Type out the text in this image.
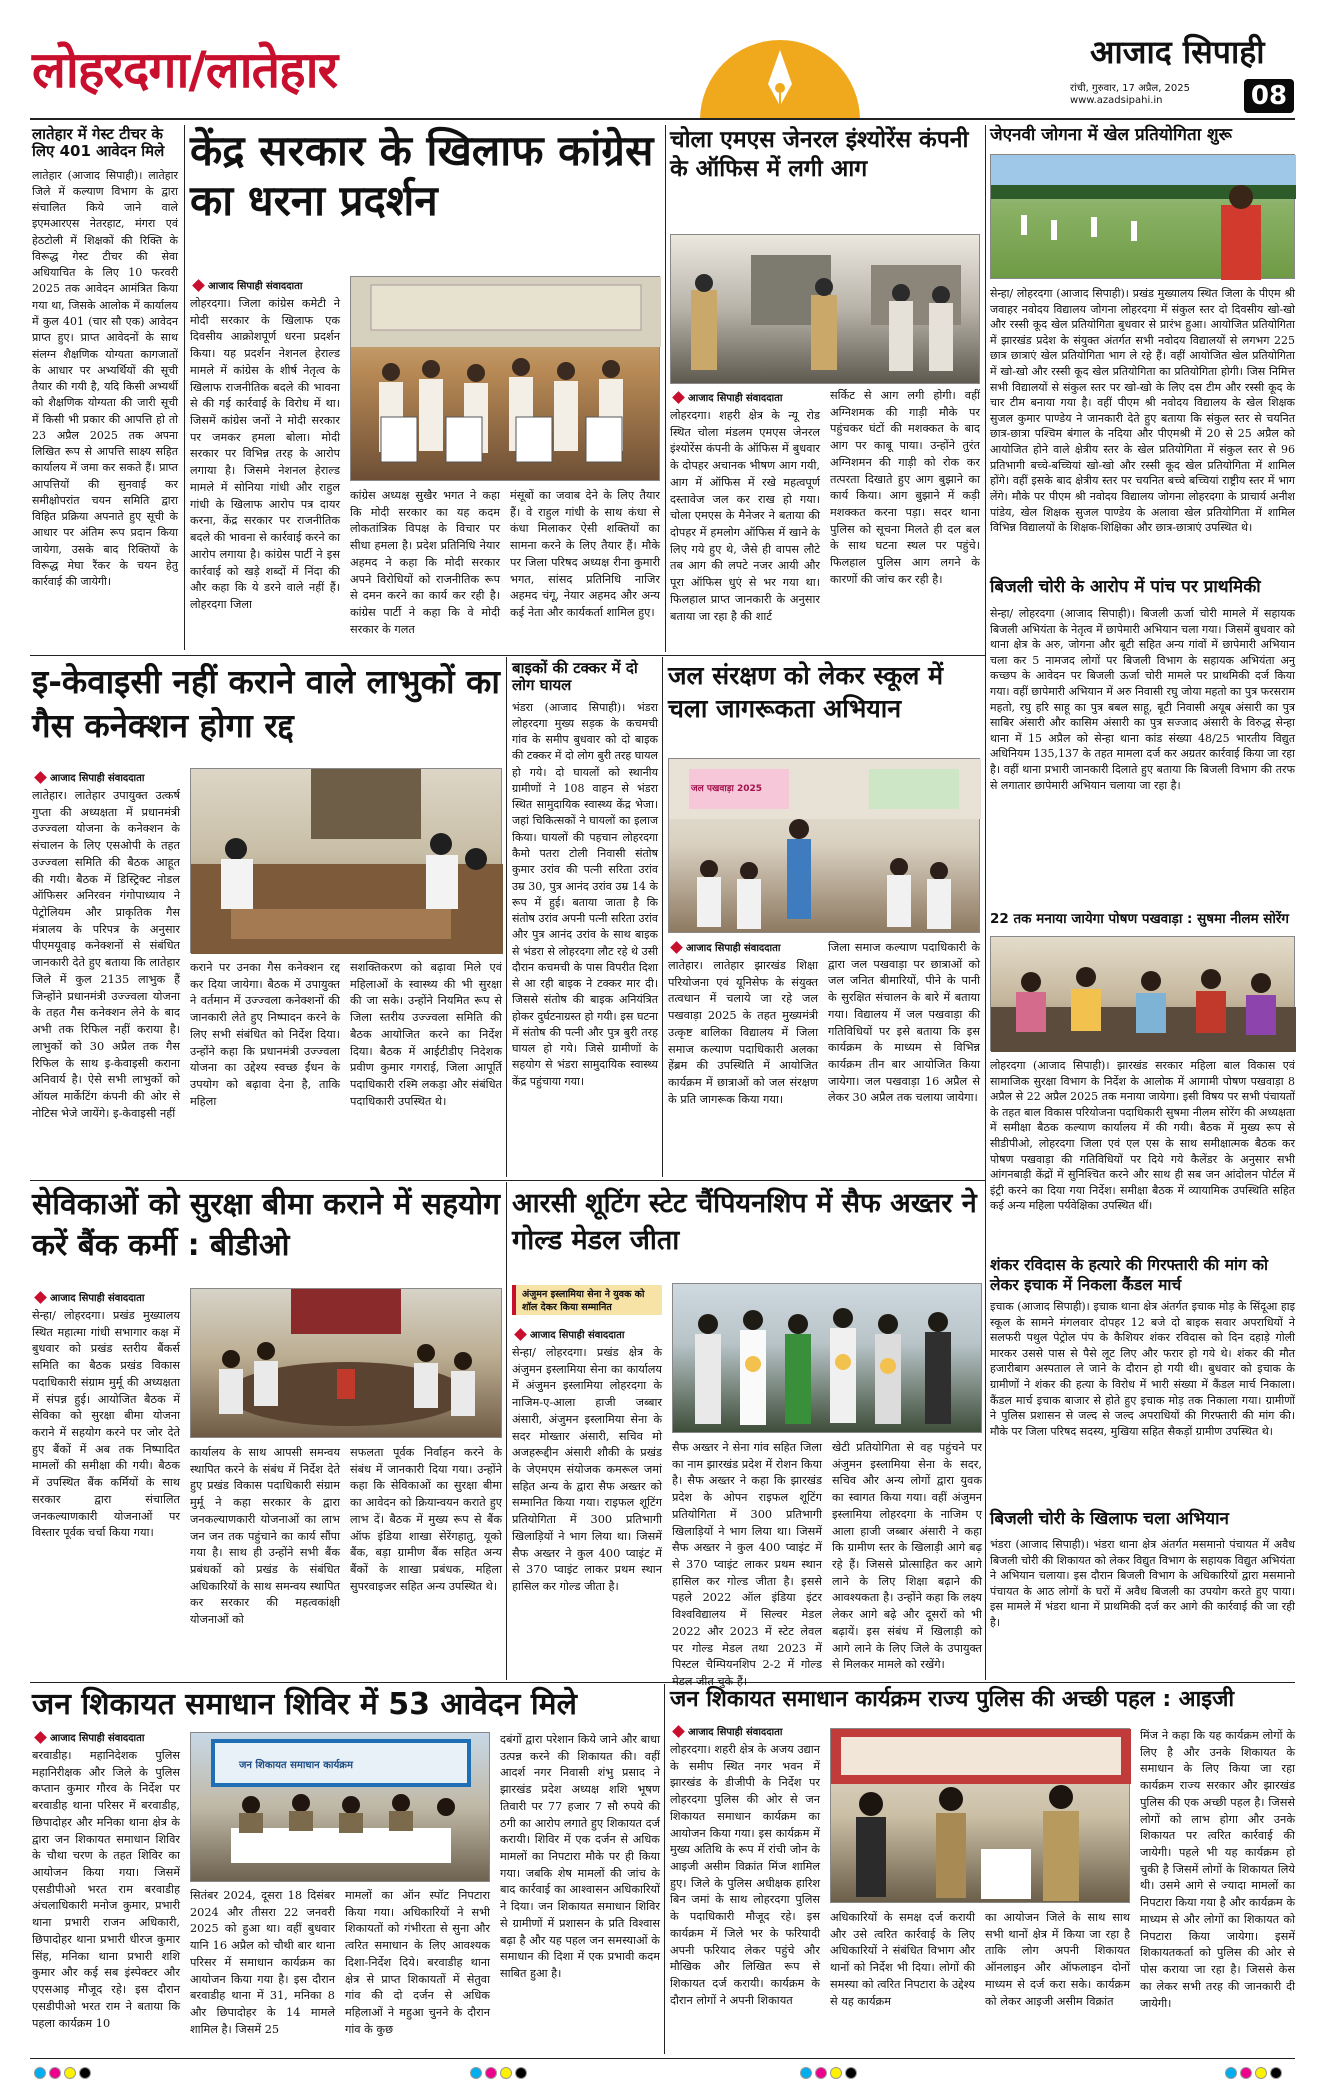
लोहरदगा/लातेहार	आजाद सिपाही
रांची, गुरुवार, 17 अप्रैल, 2025
www.azadsipahi.in	08
लातेहार में गेस्ट टीचर के लिए 401 आवेदन मिले
लातेहार (आजाद सिपाही)। लातेहार जिले में कल्याण विभाग के द्वारा संचालित किये जाने वाले इएमआरएस नेतरहाट, मंगरा एवं हेठटोली में शिक्षकों की रिक्ति के विरूद्ध गेस्ट टीचर की सेवा अधियाचित के लिए 10 फरवरी 2025 तक आवेदन आमंत्रित किया गया था, जिसके आलोक में कार्यालय में कुल 401 (चार सौ एक) आवेदन प्राप्त हुए। प्राप्त आवेदनों के साथ संलग्न शैक्षणिक योग्यता कागजातों के आधार पर अभ्यर्थियों की सूची तैयार की गयी है, यदि किसी अभ्यर्थी को शैक्षणिक योग्यता की जारी सूची में किसी भी प्रकार की आपत्ति हो तो 23 अप्रैल 2025 तक अपना लिखित रूप से आपत्ति साक्ष्य सहित कार्यालय में जमा कर सकते हैं। प्राप्त आपत्तियों की सुनवाई कर समीक्षोपरांत चयन समिति द्वारा विहित प्रक्रिया अपनाते हुए सूची के आधार पर अंतिम रूप प्रदान किया जायेगा, उसके बाद रिक्तियों के विरूद्ध मेघा रैंकर के चयन हेतु कार्रवाई की जायेगी।
केंद्र सरकार के खिलाफ कांग्रेस का धरना प्रदर्शन
आजाद सिपाही संवाददाता
लोहरदगा। जिला कांग्रेस कमेटी ने मोदी सरकार के खिलाफ एक दिवसीय आक्रोशपूर्ण धरना प्रदर्शन किया। यह प्रदर्शन नेशनल हेराल्ड मामले में कांग्रेस के शीर्ष नेतृत्व के खिलाफ राजनीतिक बदले की भावना से की गई कार्रवाई के विरोध में था। जिसमें कांग्रेस जनों ने मोदी सरकार पर जमकर हमला बोला। मोदी सरकार पर विभिन्न तरह के आरोप लगाया है। जिसमे नेशनल हेराल्ड मामले में सोनिया गांधी और राहुल गांधी के खिलाफ आरोप पत्र दायर करना, केंद्र सरकार पर राजनीतिक बदले की भावना से कार्रवाई करने का आरोप लगाया है। कांग्रेस पार्टी ने इस कार्रवाई को खड़े शब्दों में निंदा की और कहा कि ये डरने वाले नहीं हैं। लोहरदगा जिला
कांग्रेस अध्यक्ष सुखैर भगत ने कहा कि मोदी सरकार का यह कदम लोकतांत्रिक विपक्ष के विचार पर सीधा हमला है। प्रदेश प्रतिनिधि नेयार अहमद ने कहा कि मोदी सरकार अपने विरोधियों को राजनीतिक रूप से दमन करने का कार्य कर रही है। कांग्रेस पार्टी ने कहा कि वे मोदी सरकार के गलत
मंसूबों का जवाब देने के लिए तैयार हैं। वे राहुल गांधी के साथ कंधा से कंधा मिलाकर ऐसी शक्तियों का सामना करने के लिए तैयार हैं। मौके पर जिला परिषद अध्यक्ष रीना कुमारी भगत, सांसद प्रतिनिधि नाजिर अहमद चंगू, नेयार अहमद और अन्य कई नेता और कार्यकर्ता शामिल हुए।
चोला एमएस जेनरल इंश्योरेंस कंपनी के ऑफिस में लगी आग
आजाद सिपाही संवाददाता
लोहरदगा। शहरी क्षेत्र के न्यू रोड स्थित चोला मंडलम एमएस जेनरल इंश्योरेंस कंपनी के ऑफिस में बुधवार के दोपहर अचानक भीषण आग गयी, आग में ऑफिस में रखे महत्वपूर्ण दस्तावेज जल कर राख हो गया। चोला एमएस के मैनेजर ने बताया की दोपहर में हमलोग ऑफिस में खाने के लिए गये हुए थे, जैसे ही वापस लौटे तब आग की लपटे नजर आयी और पूरा ऑफिस धुएं से भर गया था। फिलहाल प्राप्त जानकारी के अनुसार बताया जा रहा है की शार्ट
सर्किट से आग लगी होगी। वहीं अग्निशमक की गाड़ी मौके पर पहुंचकर घंटों की मशक्कत के बाद आग पर काबू पाया। उन्होंने तुरंत अग्निशमन की गाड़ी को रोक कर तत्परता दिखाते हुए आग बुझाने का कार्य किया। आग बुझाने में कड़ी मशक्कत करना पड़ा। सदर थाना पुलिस को सूचना मिलते ही दल बल के साथ घटना स्थल पर पहुंचे। फिलहाल पुलिस आग लगने के कारणों की जांच कर रही है।
जेएनवी जोगना में खेल प्रतियोगिता शुरू
सेन्हा/ लोहरदगा (आजाद सिपाही)। प्रखंड मुख्यालय स्थित जिला के पीएम श्री जवाहर नवोदय विद्यालय जोगना लोहरदगा में संकुल स्तर दो दिवसीय खो-खो और रस्सी कूद खेल प्रतियोगिता बुधवार से प्रारंभ हुआ। आयोजित प्रतियोगिता में झारखंड प्रदेश के संयुक्त अंतर्गत सभी नवोदय विद्यालयों से लगभग 225 छात्र छात्राएं खेल प्रतियोगिता भाग ले रहे हैं। वहीं आयोजित खेल प्रतियोगिता में खो-खो और रस्सी कूद खेल प्रतियोगिता का प्रतियोगिता होगी। जिस निमित्त सभी विद्यालयों से संकुल स्तर पर खो-खो के लिए दस टीम और रस्सी कूद के चार टीम बनाया गया है। वहीं पीएम श्री नवोदय विद्यालय के खेल शिक्षक सुजल कुमार पाण्डेय ने जानकारी देते हुए बताया कि संकुल स्तर से चयनित छात्र-छात्रा पश्चिम बंगाल के नदिया और पीएमश्री में 20 से 25 अप्रैल को आयोजित होने वाले क्षेत्रीय स्तर के खेल प्रतियोगिता में संकुल स्तर से 96 प्रतिभागी बच्चे-बच्चियां खो-खो और रस्सी कूद खेल प्रतियोगिता में शामिल होंगे। वहीं इसके बाद क्षेत्रीय स्तर पर चयनित बच्चे बच्चियां राष्ट्रीय स्तर में भाग लेंगे। मौके पर पीएम श्री नवोदय विद्यालय जोगना लोहरदगा के प्राचार्य अनीश पांडेय, खेल शिक्षक सुजल पाण्डेय के अलावा खेल प्रतियोगिता में शामिल विभिन्न विद्यालयों के शिक्षक-शिक्षिका और छात्र-छात्राएं उपस्थित थे।
बिजली चोरी के आरोप में पांच पर प्राथमिकी
सेन्हा/ लोहरदगा (आजाद सिपाही)। बिजली ऊर्जा चोरी मामले में सहायक बिजली अभियंता के नेतृत्व में छापेमारी अभियान चला गया। जिसमें बुधवार को थाना क्षेत्र के अरु, जोगना और बूटी सहित अन्य गांवों में छापेमारी अभियान चला कर 5 नामजद लोगों पर बिजली विभाग के सहायक अभियंता अनु कच्छप के आवेदन पर बिजली ऊर्जा चोरी मामले पर प्राथमिकी दर्ज किया गया। वहीं छापेमारी अभियान में अरु निवासी रघु जोया महतो का पुत्र फरसराम महतो, रघु हरि साहू का पुत्र बबल साहू, बूटी निवासी अयूब अंसारी का पुत्र साबिर अंसारी और कासिम अंसारी का पुत्र सज्जाद अंसारी के विरुद्ध सेन्हा थाना में 15 अप्रैल को सेन्हा थाना कांड संख्या 48/25 भारतीय विद्युत अधिनियम 135,137 के तहत मामला दर्ज कर अग्रतर कार्रवाई किया जा रहा है। वहीं थाना प्रभारी जानकारी दिलाते हुए बताया कि बिजली विभाग की तरफ से लगातार छापेमारी अभियान चलाया जा रहा है।
22 तक मनाया जायेगा पोषण पखवाड़ा : सुषमा नीलम सोरेंग
लोहरदगा (आजाद सिपाही)। झारखंड सरकार महिला बाल विकास एवं सामाजिक सुरक्षा विभाग के निर्देश के आलोक में आगामी पोषण पखवाड़ा 8 अप्रैल से 22 अप्रैल 2025 तक मनाया जायेगा। इसी विषय पर सभी पंचायतों के तहत बाल विकास परियोजना पदाधिकारी सुषमा नीलम सोरेंग की अध्यक्षता में समीक्षा बैठक कल्याण कार्यालय में की गयी। बैठक में मुख्य रूप से सीडीपीओ, लोहरदगा जिला एवं एल एस के साथ समीक्षात्मक बैठक कर पोषण पखवाड़ा की गतिविधियों पर दिये गये कैलेंडर के अनुसार सभी आंगनबाड़ी केंद्रों में सुनिश्चित करने और साथ ही सब जन आंदोलन पोर्टल में इंट्री करने का दिया गया निर्देश। समीक्षा बैठक में व्यायामिक उपस्थिति सहित कई अन्य महिला पर्यवेक्षिका उपस्थित थीं।
इ-केवाइसी नहीं कराने वाले लाभुकों का गैस कनेक्शन होगा रद्द
आजाद सिपाही संवाददाता
लातेहार। लातेहार उपायुक्त उत्कर्ष गुप्ता की अध्यक्षता में प्रधानमंत्री उज्ज्वला योजना के कनेक्शन के संचालन के लिए एसओपी के तहत उज्ज्वला समिति की बैठक आहूत की गयी। बैठक में डिस्ट्रिक्ट नोडल ऑफिसर अनिरवन गंगोपाध्याय ने पेट्रोलियम और प्राकृतिक गैस मंत्रालय के परिपत्र के अनुसार पीएमयूवाइ कनेक्शनों से संबंधित जानकारी देते हुए बताया कि लातेहार जिले में कुल 2135 लाभुक हैं जिन्होंने प्रधानमंत्री उज्ज्वला योजना के तहत गैस कनेक्शन लेने के बाद अभी तक रिफिल नहीं कराया है। लाभुकों को 30 अप्रैल तक गैस रिफिल के साथ इ-केवाइसी कराना अनिवार्य है। ऐसे सभी लाभुकों को ऑयल मार्केटिंग कंपनी की ओर से नोटिस भेजे जायेंगे। इ-केवाइसी नहीं
कराने पर उनका गैस कनेक्शन रद्द कर दिया जायेगा। बैठक में उपायुक्त ने वर्तमान में उज्ज्वला कनेक्शनों की जानकारी लेते हुए निष्पादन करने के लिए सभी संबंधित को निर्देश दिया। उन्होंने कहा कि प्रधानमंत्री उज्ज्वला योजना का उद्देश्य स्वच्छ ईंधन के उपयोग को बढ़ावा देना है, ताकि महिला
सशक्तिकरण को बढ़ावा मिले एवं महिलाओं के स्वास्थ्य की भी सुरक्षा की जा सके। उन्होंने नियमित रूप से जिला स्तरीय उज्ज्वला समिति की बैठक आयोजित करने का निर्देश दिया। बैठक में आईटीडीए निदेशक प्रवीण कुमार गगराई, जिला आपूर्ति पदाधिकारी रश्मि लकड़ा और संबंधित पदाधिकारी उपस्थित थे।
बाइकों की टक्कर में दो लोग घायल
भंडरा (आजाद सिपाही)। भंडरा लोहरदगा मुख्य सड़क के कचमची गांव के समीप बुधवार को दो बाइक की टक्कर में दो लोग बुरी तरह घायल हो गये। दो घायलों को स्थानीय ग्रामीणों ने 108 वाहन से भंडरा स्थित सामुदायिक स्वास्थ्य केंद्र भेजा। जहां चिकित्सकों ने घायलों का इलाज किया। घायलों की पहचान लोहरदगा कैमो पतरा टोली निवासी संतोष कुमार उरांव की पत्नी सरिता उरांव उम्र 30, पुत्र आनंद उरांव उम्र 14 के रूप में हुई। बताया जाता है कि संतोष उरांव अपनी पत्नी सरिता उरांव और पुत्र आनंद उरांव के साथ बाइक से भंडरा से लोहरदगा लौट रहे थे उसी दौरान कचमची के पास विपरीत दिशा से आ रही बाइक ने टक्कर मार दी। जिससे संतोष की बाइक अनियंत्रित होकर दुर्घटनाग्रस्त हो गयी। इस घटना में संतोष की पत्नी और पुत्र बुरी तरह घायल हो गये। जिसे ग्रामीणों के सहयोग से भंडरा सामुदायिक स्वास्थ्य केंद्र पहुंचाया गया।
जल संरक्षण को लेकर स्कूल में चला जागरूकता अभियान
जल पखवाड़ा 2025
आजाद सिपाही संवाददाता
लातेहार। लातेहार झारखंड शिक्षा परियोजना एवं यूनिसेफ के संयुक्त तत्वधान में चलाये जा रहे जल पखवाड़ा 2025 के तहत मुख्यमंत्री उत्कृष्ट बालिका विद्यालय में जिला समाज कल्याण पदाधिकारी अलका हेंब्रम की उपस्थिति में आयोजित कार्यक्रम में छात्राओं को जल संरक्षण के प्रति जागरूक किया गया।
जिला समाज कल्याण पदाधिकारी के द्वारा जल पखवाड़ा पर छात्राओं को जल जनित बीमारियों, पीने के पानी के सुरक्षित संचालन के बारे में बताया गया। विद्यालय में जल पखवाड़ा की गतिविधियों पर इसे बताया कि इस कार्यक्रम के माध्यम से विभिन्न कार्यक्रम तीन बार आयोजित किया जायेगा। जल पखवाड़ा 16 अप्रैल से लेकर 30 अप्रैल तक चलाया जायेगा।
सेविकाओं को सुरक्षा बीमा कराने में सहयोग करें बैंक कर्मी : बीडीओ
आजाद सिपाही संवाददाता
सेन्हा/ लोहरदगा। प्रखंड मुख्यालय स्थित महात्मा गांधी सभागार कक्ष में बुधवार को प्रखंड स्तरीय बैंकर्स समिति का बैठक प्रखंड विकास पदाधिकारी संग्राम मुर्मू की अध्यक्षता में संपन्न हुई। आयोजित बैठक में सेविका को सुरक्षा बीमा योजना कराने में सहयोग करने पर जोर देते हुए बैंकों में अब तक निष्पादित मामलों की समीक्षा की गयी। बैठक में उपस्थित बैंक कर्मियों के साथ सरकार द्वारा संचालित जनकल्याणकारी योजनाओं पर विस्तार पूर्वक चर्चा किया गया।
कार्यालय के साथ आपसी समन्वय स्थापित करने के संबंध में निर्देश देते हुए प्रखंड विकास पदाधिकारी संग्राम मुर्मू ने कहा सरकार के द्वारा जनकल्याणकारी योजनाओं का लाभ जन जन तक पहुंचाने का कार्य सौंपा गया है। साथ ही उन्होंने सभी बैंक प्रबंधकों को प्रखंड के संबंधित अधिकारियों के साथ समन्वय स्थापित कर सरकार की महत्वकांक्षी योजनाओं को
सफलता पूर्वक निर्वाहन करने के संबंध में जानकारी दिया गया। उन्होंने कहा कि सेविकाओं का सुरक्षा बीमा का आवेदन को क्रियान्वयन कराते हुए लाभ दें। बैठक में मुख्य रूप से बैंक ऑफ इंडिया शाखा सेरेंगहातु, यूको बैंक, बड़ा ग्रामीण बैंक सहित अन्य बैंकों के शाखा प्रबंधक, महिला सुपरवाइजर सहित अन्य उपस्थित थे।
आरसी शूटिंग स्टेट चैंपियनशिप में सैफ अख्तर ने गोल्ड मेडल जीता
अंजुमन इस्लामिया सेना ने युवक को शॉल देकर किया सम्मानित
आजाद सिपाही संवाददाता
सेन्हा/ लोहरदगा। प्रखंड क्षेत्र के अंजुमन इस्लामिया सेना का कार्यालय में अंजुमन इस्लामिया लोहरदगा के नाजिम-ए-आला हाजी जब्बार अंसारी, अंजुमन इस्लामिया सेना के सदर मोख्तार अंसारी, सचिव मो अजहरूद्दीन अंसारी शौकी के प्रखंड के जेएमएम संयोजक कमरूल जमां सहित अन्य के द्वारा सैफ अख्तर को सम्मानित किया गया। राइफल शूटिंग प्रतियोगिता में 300 प्रतिभागी खिलाड़ियों ने भाग लिया था। जिसमें सैफ अख्तर ने कुल 400 प्वाइंट में से 370 प्वाइंट लाकर प्रथम स्थान हासिल कर गोल्ड जीता है।
सैफ अख्तर ने सेना गांव सहित जिला का नाम झारखंड प्रदेश में रोशन किया है। सैफ अख्तर ने कहा कि झारखंड प्रदेश के ओपन राइफल शूटिंग प्रतियोगिता में 300 प्रतिभागी खिलाड़ियों ने भाग लिया था। जिसमें सैफ अख्तर ने कुल 400 प्वाइंट में से 370 प्वाइंट लाकर प्रथम स्थान हासिल कर गोल्ड जीता है। इससे पहले 2022 ऑल इंडिया इंटर विश्वविद्यालय में सिल्वर मेडल 2022 और 2023 में स्टेट लेवल पर गोल्ड मेडल तथा 2023 में पिस्टल चैम्पियनशिप 2-2 में गोल्ड मेडल जीत चुके हैं।
खेटी प्रतियोगिता से वह पहुंचने पर अंजुमन इस्लामिया सेना के सदर, सचिव और अन्य लोगों द्वारा युवक का स्वागत किया गया। वहीं अंजुमन इस्लामिया लोहरदगा के नाजिम ए आला हाजी जब्बार अंसारी ने कहा कि ग्रामीण स्तर के खिलाड़ी आगे बढ़ रहे हैं। जिससे प्रोत्साहित कर आगे लाने के लिए शिक्षा बढ़ाने की आवश्यकता है। उन्होंने कहा कि लक्ष्य लेकर आगे बढ़े और दूसरों को भी बढ़ायें। इस संबंध में खिलाड़ी को आगे लाने के लिए जिले के उपायुक्त से मिलकर मामले को रखेंगे।
शंकर रविदास के हत्यारे की गिरफ्तारी की मांग को लेकर इचाक में निकला कैंडल मार्च
इचाक (आजाद सिपाही)। इचाक थाना क्षेत्र अंतर्गत इचाक मोड़ के सिंदूआ हाइ स्कूल के सामने मंगलवार दोपहर 12 बजे दो बाइक सवार अपराधियों ने सलफरी पथुल पेट्रोल पंप के कैशियर शंकर रविदास को दिन दहाड़े गोली मारकर उससे पास से पैसे लूट लिए और फरार हो गये थे। शंकर की मौत हजारीबाग अस्पताल ले जाने के दौरान हो गयी थी। बुधवार को इचाक के ग्रामीणों ने शंकर की हत्या के विरोध में भारी संख्या में कैंडल मार्च निकाला। कैंडल मार्च इचाक बाजार से होते हुए इचाक मोड़ तक निकाला गया। ग्रामीणों ने पुलिस प्रशासन से जल्द से जल्द अपराधियों की गिरफ्तारी की मांग की। मौके पर जिला परिषद सदस्य, मुखिया सहित सैकड़ों ग्रामीण उपस्थित थे।
बिजली चोरी के खिलाफ चला अभियान
भंडरा (आजाद सिपाही)। भंडरा थाना क्षेत्र अंतर्गत मसमानो पंचायत में अवैध बिजली चोरी की शिकायत को लेकर विद्युत विभाग के सहायक विद्युत अभियंता ने अभियान चलाया। इस दौरान बिजली विभाग के अधिकारियों द्वारा मसमानो पंचायत के आठ लोगों के घरों में अवैध बिजली का उपयोग करते हुए पाया। इस मामले में भंडरा थाना में प्राथमिकी दर्ज कर आगे की कार्रवाई की जा रही है।
जन शिकायत समाधान शिविर में 53 आवेदन मिले
आजाद सिपाही संवाददाता
बरवाडीह। महानिदेशक पुलिस महानिरीक्षक और जिले के पुलिस कप्तान कुमार गौरव के निर्देश पर बरवाडीह थाना परिसर में बरवाडीह, छिपादोहर और मनिका थाना क्षेत्र के द्वारा जन शिकायत समाधान शिविर के चौथा चरण के तहत शिविर का आयोजन किया गया। जिसमें एसडीपीओ भरत राम बरवाडीह अंचलाधिकारी मनोज कुमार, प्रभारी थाना प्रभारी राजन अधिकारी, छिपादोहर थाना प्रभारी धीरज कुमार सिंह, मनिका थाना प्रभारी शशि कुमार और कई सब इंस्पेक्टर और एएसआइ मौजूद रहे। इस दौरान एसडीपीओ भरत राम ने बताया कि पहला कार्यक्रम 10
जन शिकायत समाधान कार्यक्रम
सितंबर 2024, दूसरा 18 दिसंबर 2024 और तीसरा 22 जनवरी 2025 को हुआ था। वहीं बुधवार यानि 16 अप्रैल को चौथी बार थाना परिसर में समाधान कार्यक्रम का आयोजन किया गया है। इस दौरान बरवाडीह थाना में 31, मनिका 8 और छिपादोहर के 14 मामले शामिल है। जिसमें 25
मामलों का ऑन स्पॉट निपटारा किया गया। अधिकारियों ने सभी शिकायतों को गंभीरता से सुना और त्वरित समाधान के लिए आवश्यक दिशा-निर्देश दिये। बरवाडीह थाना क्षेत्र से प्राप्त शिकायतों में सेतुवा गांव की दो दर्जन से अधिक महिलाओं ने महुआ चुनने के दौरान गांव के कुछ
दबंगों द्वारा परेशान किये जाने और बाधा उत्पन्न करने की शिकायत की। वहीं आदर्श नगर निवासी शंभु प्रसाद ने झारखंड प्रदेश अध्यक्ष शशि भूषण तिवारी पर 77 हजार 7 सौ रुपये की ठगी का आरोप लगाते हुए शिकायत दर्ज करायी। शिविर में एक दर्जन से अधिक मामलों का निपटारा मौके पर ही किया गया। जबकि शेष मामलों की जांच के बाद कार्रवाई का आश्वासन अधिकारियों ने दिया। जन शिकायत समाधान शिविर से ग्रामीणों में प्रशासन के प्रति विश्वास बढ़ा है और यह पहल जन समस्याओं के समाधान की दिशा में एक प्रभावी कदम साबित हुआ है।
जन शिकायत समाधान कार्यक्रम राज्य पुलिस की अच्छी पहल : आइजी
आजाद सिपाही संवाददाता
लोहरदगा। शहरी क्षेत्र के अजय उद्यान के समीप स्थित नगर भवन में झारखंड के डीजीपी के निर्देश पर लोहरदगा पुलिस की ओर से जन शिकायत समाधान कार्यक्रम का आयोजन किया गया। इस कार्यक्रम में मुख्य अतिथि के रूप में रांची जोन के आइजी असीम विक्रांत मिंज शामिल हुए। जिले के पुलिस अधीक्षक हारिश बिन जमां के साथ लोहरदगा पुलिस के पदाधिकारी मौजूद रहे। इस कार्यक्रम में जिले भर के फरियादी अपनी फरियाद लेकर पहुंचे और मौखिक और लिखित रूप से शिकायत दर्ज करायी। कार्यक्रम के दौरान लोगों ने अपनी शिकायत
अधिकारियों के समक्ष दर्ज करायी और उसे त्वरित कार्रवाई के लिए अधिकारियों ने संबंधित विभाग और थानों को निर्देश भी दिया। लोगों की समस्या को त्वरित निपटारा के उद्देश्य से यह कार्यक्रम
का आयोजन जिले के साथ साथ सभी थानों क्षेत्र में किया जा रहा है ताकि लोग अपनी शिकायत ऑनलाइन और ऑफलाइन दोनों माध्यम से दर्ज करा सके। कार्यक्रम को लेकर आइजी असीम विक्रांत
मिंज ने कहा कि यह कार्यक्रम लोगों के लिए है और उनके शिकायत के समाधान के लिए किया जा रहा कार्यक्रम राज्य सरकार और झारखंड पुलिस की एक अच्छी पहल है। जिससे लोगों को लाभ होगा और उनके शिकायत पर त्वरित कार्रवाई की जायेगी। पहले भी यह कार्यक्रम हो चुकी है जिसमें लोगों के शिकायत लिये थी। उसमे आगे से ज्यादा मामलों का निपटारा किया गया है और कार्यक्रम के माध्यम से और लोगों का शिकायत को निपटारा किया जायेगा। इसमें शिकायतकर्ता को पुलिस की ओर से पोस कराया जा रहा है। जिससे केस का लेकर सभी तरह की जानकारी दी जायेगी।
